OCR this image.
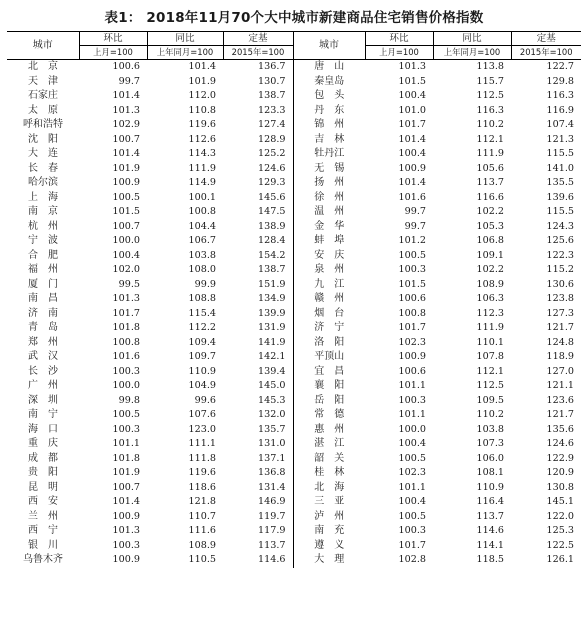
表1： 2018年11月70个大中城市新建商品住宅销售价格指数
城市	环比	同比	定基	城市	环比	同比	定基
	上月=100	上年同月=100	2015年=100		上月=100	上年同月=100	2015年=100
北　京	100.6	101.4	136.7	唐　山	101.3	113.8	122.7
天　津	99.7	101.9	130.7	秦皇岛	101.5	115.7	129.8
石家庄	101.4	112.0	138.7	包　头	100.4	112.5	116.3
太　原	101.3	110.8	123.3	丹　东	101.0	116.3	116.9
呼和浩特	102.9	119.6	127.4	锦　州	101.7	110.2	107.4
沈　阳	100.7	112.6	128.9	吉　林	101.4	112.1	121.3
大　连	101.4	114.3	125.2	牡丹江	100.4	111.9	115.5
长　春	101.9	111.9	124.6	无　锡	100.9	105.6	141.0
哈尔滨	100.9	114.9	129.3	扬　州	101.4	113.7	135.5
上　海	100.5	100.1	145.6	徐　州	101.6	116.6	139.6
南　京	101.5	100.8	147.5	温　州	99.7	102.2	115.5
杭　州	100.7	104.4	138.9	金　华	99.7	105.3	124.3
宁　波	100.0	106.7	128.4	蚌　埠	101.2	106.8	125.6
合　肥	100.4	103.8	154.2	安　庆	100.5	109.1	122.3
福　州	102.0	108.0	138.7	泉　州	100.3	102.2	115.2
厦　门	99.5	99.9	151.9	九　江	101.5	108.9	130.6
南　昌	101.3	108.8	134.9	赣　州	100.6	106.3	123.8
济　南	101.7	115.4	139.9	烟　台	100.8	112.3	127.3
青　岛	101.8	112.2	131.9	济　宁	101.7	111.9	121.7
郑　州	100.8	109.4	141.9	洛　阳	102.3	110.1	124.8
武　汉	101.6	109.7	142.1	平顶山	100.9	107.8	118.9
长　沙	100.3	110.9	139.4	宜　昌	100.6	112.1	127.0
广　州	100.0	104.9	145.0	襄　阳	101.1	112.5	121.1
深　圳	99.8	99.6	145.3	岳　阳	100.3	109.5	123.6
南　宁	100.5	107.6	132.0	常　德	101.1	110.2	121.7
海　口	100.3	123.0	135.7	惠　州	100.0	103.8	135.6
重　庆	101.1	111.1	131.0	湛　江	100.4	107.3	124.6
成　都	101.8	111.8	137.1	韶　关	100.5	106.0	122.9
贵　阳	101.9	119.6	136.8	桂　林	102.3	108.1	120.9
昆　明	100.7	118.6	131.4	北　海	101.1	110.9	130.8
西　安	101.4	121.8	146.9	三　亚	100.4	116.4	145.1
兰　州	100.9	110.7	119.7	泸　州	100.5	113.7	122.0
西　宁	101.3	111.6	117.9	南　充	100.3	114.6	125.3
银　川	100.3	108.9	113.7	遵　义	101.7	114.1	122.5
乌鲁木齐	100.9	110.5	114.6	大　理	102.8	118.5	126.1
